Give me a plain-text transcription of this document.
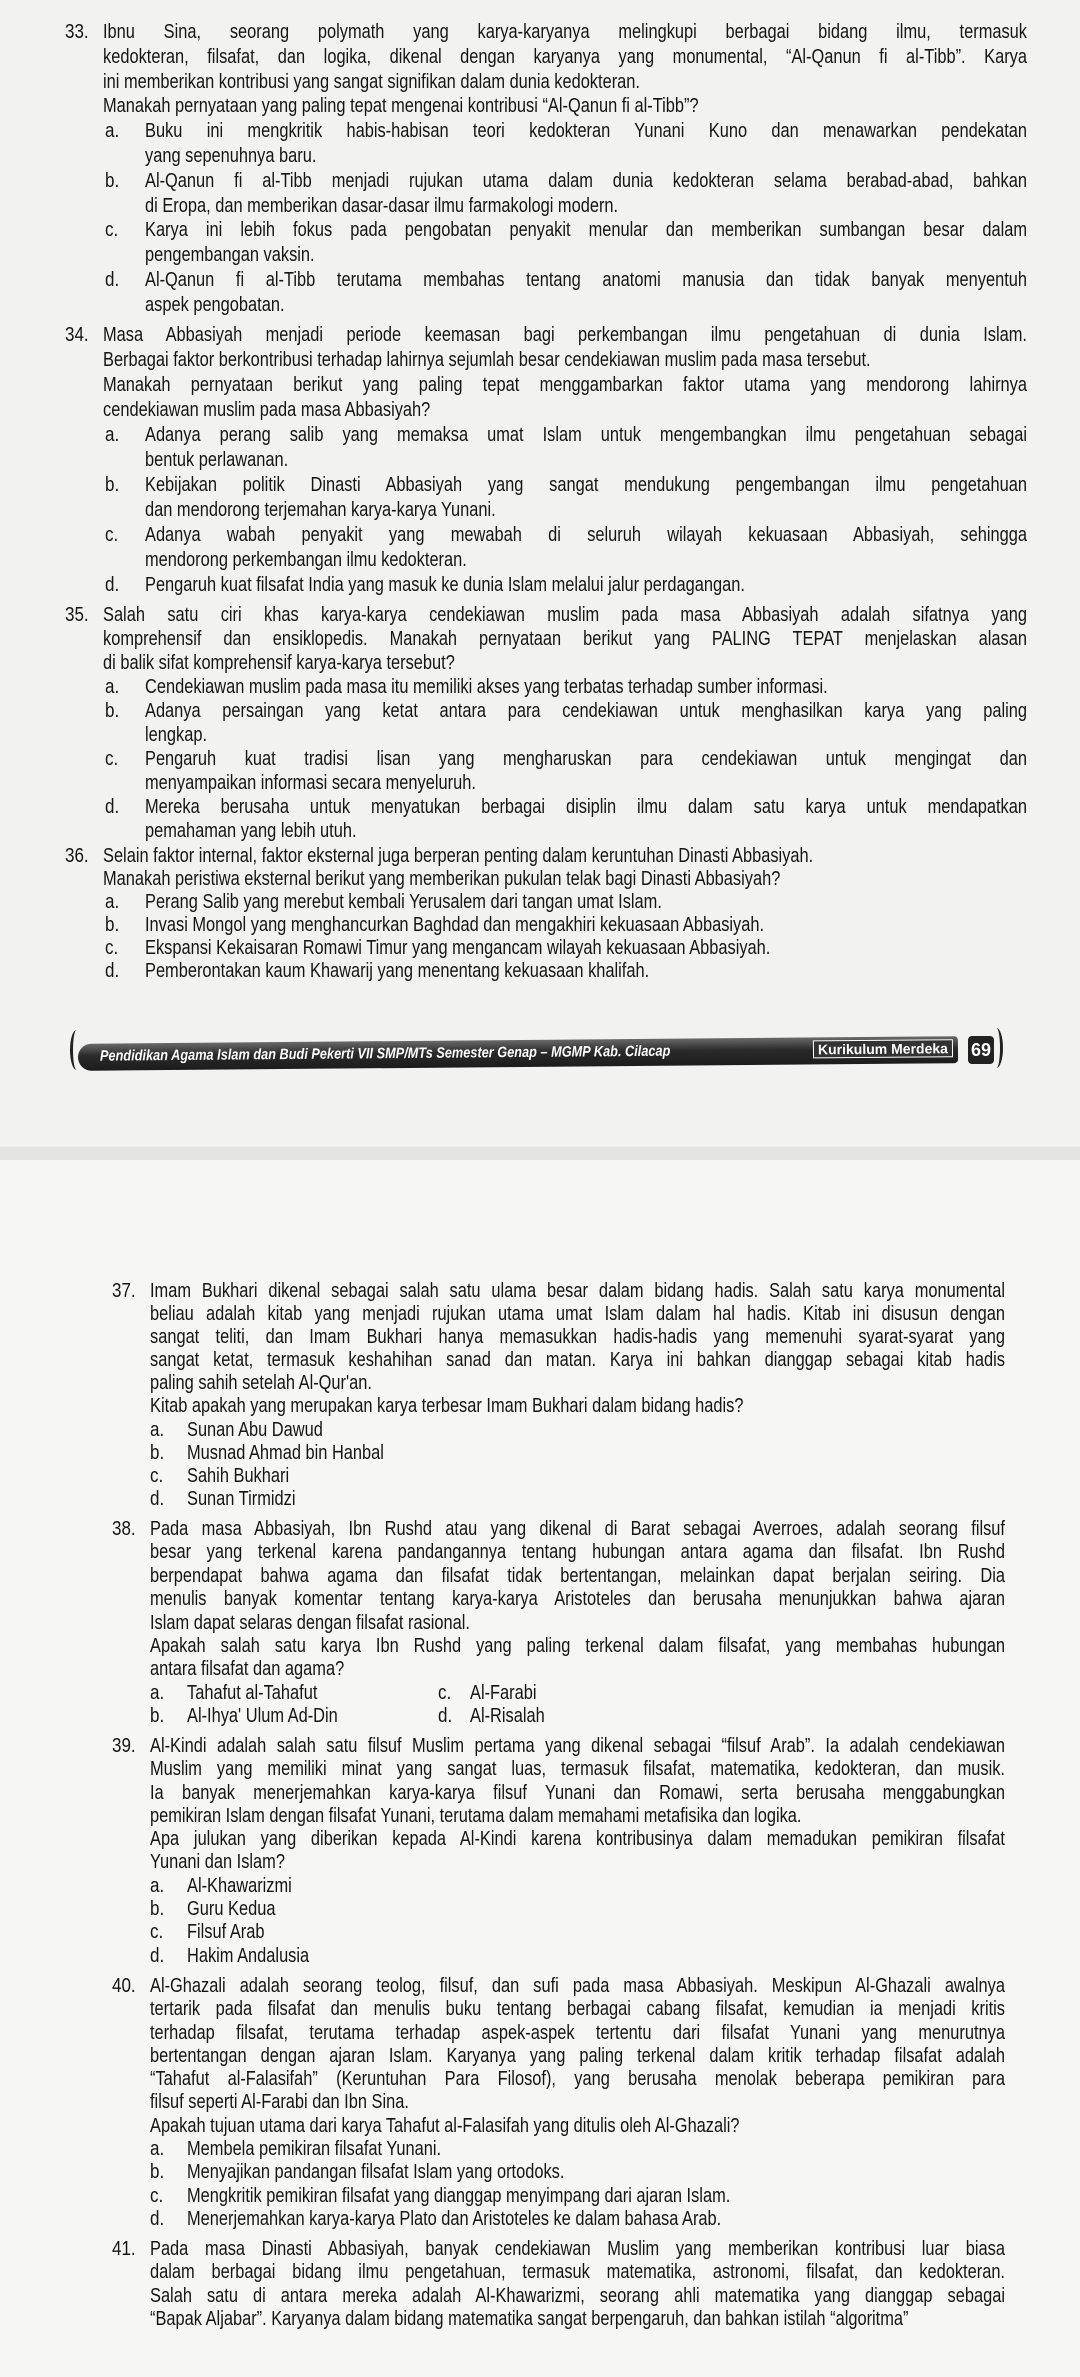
Pendidikan Agama Islam dan Budi Pekerti VII SMP/MTs Semester Genap – MGMP Kab. Cilacap	Kurikulum Merdeka 69
33. Ibnu Sina, seorang polymath yang karya-karyanya melingkupi berbagai bidang ilmu, termasuk
kedokteran, filsafat, dan logika, dikenal dengan karyanya yang monumental, “Al-Qanun fi al-Tibb”. Karya
ini memberikan kontribusi yang sangat signifikan dalam dunia kedokteran.
Manakah pernyataan yang paling tepat mengenai kontribusi “Al-Qanun fi al-Tibb”?
a. Buku ini mengkritik habis-habisan teori kedokteran Yunani Kuno dan menawarkan pendekatan
yang sepenuhnya baru.
b. Al-Qanun fi al-Tibb menjadi rujukan utama dalam dunia kedokteran selama berabad-abad, bahkan
di Eropa, dan memberikan dasar-dasar ilmu farmakologi modern.
c. Karya ini lebih fokus pada pengobatan penyakit menular dan memberikan sumbangan besar dalam
pengembangan vaksin.
d. Al-Qanun fi al-Tibb terutama membahas tentang anatomi manusia dan tidak banyak menyentuh
aspek pengobatan.
34. Masa Abbasiyah menjadi periode keemasan bagi perkembangan ilmu pengetahuan di dunia Islam.
Berbagai faktor berkontribusi terhadap lahirnya sejumlah besar cendekiawan muslim pada masa tersebut.
Manakah pernyataan berikut yang paling tepat menggambarkan faktor utama yang mendorong lahirnya
cendekiawan muslim pada masa Abbasiyah?
a. Adanya perang salib yang memaksa umat Islam untuk mengembangkan ilmu pengetahuan sebagai
bentuk perlawanan.
b. Kebijakan politik Dinasti Abbasiyah yang sangat mendukung pengembangan ilmu pengetahuan
dan mendorong terjemahan karya-karya Yunani.
c. Adanya wabah penyakit yang mewabah di seluruh wilayah kekuasaan Abbasiyah, sehingga
mendorong perkembangan ilmu kedokteran.
d. Pengaruh kuat filsafat India yang masuk ke dunia Islam melalui jalur perdagangan.
35. Salah satu ciri khas karya-karya cendekiawan muslim pada masa Abbasiyah adalah sifatnya yang
komprehensif dan ensiklopedis. Manakah pernyataan berikut yang PALING TEPAT menjelaskan alasan
di balik sifat komprehensif karya-karya tersebut?
a. Cendekiawan muslim pada masa itu memiliki akses yang terbatas terhadap sumber informasi.
b. Adanya persaingan yang ketat antara para cendekiawan untuk menghasilkan karya yang paling
lengkap.
c. Pengaruh kuat tradisi lisan yang mengharuskan para cendekiawan untuk mengingat dan
menyampaikan informasi secara menyeluruh.
d. Mereka berusaha untuk menyatukan berbagai disiplin ilmu dalam satu karya untuk mendapatkan
pemahaman yang lebih utuh.
36. Selain faktor internal, faktor eksternal juga berperan penting dalam keruntuhan Dinasti Abbasiyah.
Manakah peristiwa eksternal berikut yang memberikan pukulan telak bagi Dinasti Abbasiyah?
a. Perang Salib yang merebut kembali Yerusalem dari tangan umat Islam.
b. Invasi Mongol yang menghancurkan Baghdad dan mengakhiri kekuasaan Abbasiyah.
c. Ekspansi Kekaisaran Romawi Timur yang mengancam wilayah kekuasaan Abbasiyah.
d. Pemberontakan kaum Khawarij yang menentang kekuasaan khalifah.
37. Imam Bukhari dikenal sebagai salah satu ulama besar dalam bidang hadis. Salah satu karya monumental
beliau adalah kitab yang menjadi rujukan utama umat Islam dalam hal hadis. Kitab ini disusun dengan
sangat teliti, dan Imam Bukhari hanya memasukkan hadis-hadis yang memenuhi syarat-syarat yang
sangat ketat, termasuk keshahihan sanad dan matan. Karya ini bahkan dianggap sebagai kitab hadis
paling sahih setelah Al-Qur'an.
Kitab apakah yang merupakan karya terbesar Imam Bukhari dalam bidang hadis?
a. Sunan Abu Dawud
b. Musnad Ahmad bin Hanbal
c. Sahih Bukhari
d. Sunan Tirmidzi
38. Pada masa Abbasiyah, Ibn Rushd atau yang dikenal di Barat sebagai Averroes, adalah seorang filsuf
besar yang terkenal karena pandangannya tentang hubungan antara agama dan filsafat. Ibn Rushd
berpendapat bahwa agama dan filsafat tidak bertentangan, melainkan dapat berjalan seiring. Dia
menulis banyak komentar tentang karya-karya Aristoteles dan berusaha menunjukkan bahwa ajaran
Islam dapat selaras dengan filsafat rasional.
Apakah salah satu karya Ibn Rushd yang paling terkenal dalam filsafat, yang membahas hubungan
antara filsafat dan agama?
a. Tahafut al-Tahafut	c. Al-Farabi
b. Al-Ihya' Ulum Ad-Din	d. Al-Risalah
39. Al-Kindi adalah salah satu filsuf Muslim pertama yang dikenal sebagai “filsuf Arab”. Ia adalah cendekiawan
Muslim yang memiliki minat yang sangat luas, termasuk filsafat, matematika, kedokteran, dan musik.
Ia banyak menerjemahkan karya-karya filsuf Yunani dan Romawi, serta berusaha menggabungkan
pemikiran Islam dengan filsafat Yunani, terutama dalam memahami metafisika dan logika.
Apa julukan yang diberikan kepada Al-Kindi karena kontribusinya dalam memadukan pemikiran filsafat
Yunani dan Islam?
a. Al-Khawarizmi
b. Guru Kedua
c. Filsuf Arab
d. Hakim Andalusia
40. Al-Ghazali adalah seorang teolog, filsuf, dan sufi pada masa Abbasiyah. Meskipun Al-Ghazali awalnya
tertarik pada filsafat dan menulis buku tentang berbagai cabang filsafat, kemudian ia menjadi kritis
terhadap filsafat, terutama terhadap aspek-aspek tertentu dari filsafat Yunani yang menurutnya
bertentangan dengan ajaran Islam. Karyanya yang paling terkenal dalam kritik terhadap filsafat adalah
“Tahafut al-Falasifah” (Keruntuhan Para Filosof), yang berusaha menolak beberapa pemikiran para
filsuf seperti Al-Farabi dan Ibn Sina.
Apakah tujuan utama dari karya Tahafut al-Falasifah yang ditulis oleh Al-Ghazali?
a. Membela pemikiran filsafat Yunani.
b. Menyajikan pandangan filsafat Islam yang ortodoks.
c. Mengkritik pemikiran filsafat yang dianggap menyimpang dari ajaran Islam.
d. Menerjemahkan karya-karya Plato dan Aristoteles ke dalam bahasa Arab.
41. Pada masa Dinasti Abbasiyah, banyak cendekiawan Muslim yang memberikan kontribusi luar biasa
dalam berbagai bidang ilmu pengetahuan, termasuk matematika, astronomi, filsafat, dan kedokteran.
Salah satu di antara mereka adalah Al-Khawarizmi, seorang ahli matematika yang dianggap sebagai
“Bapak Aljabar”. Karyanya dalam bidang matematika sangat berpengaruh, dan bahkan istilah “algoritma”
